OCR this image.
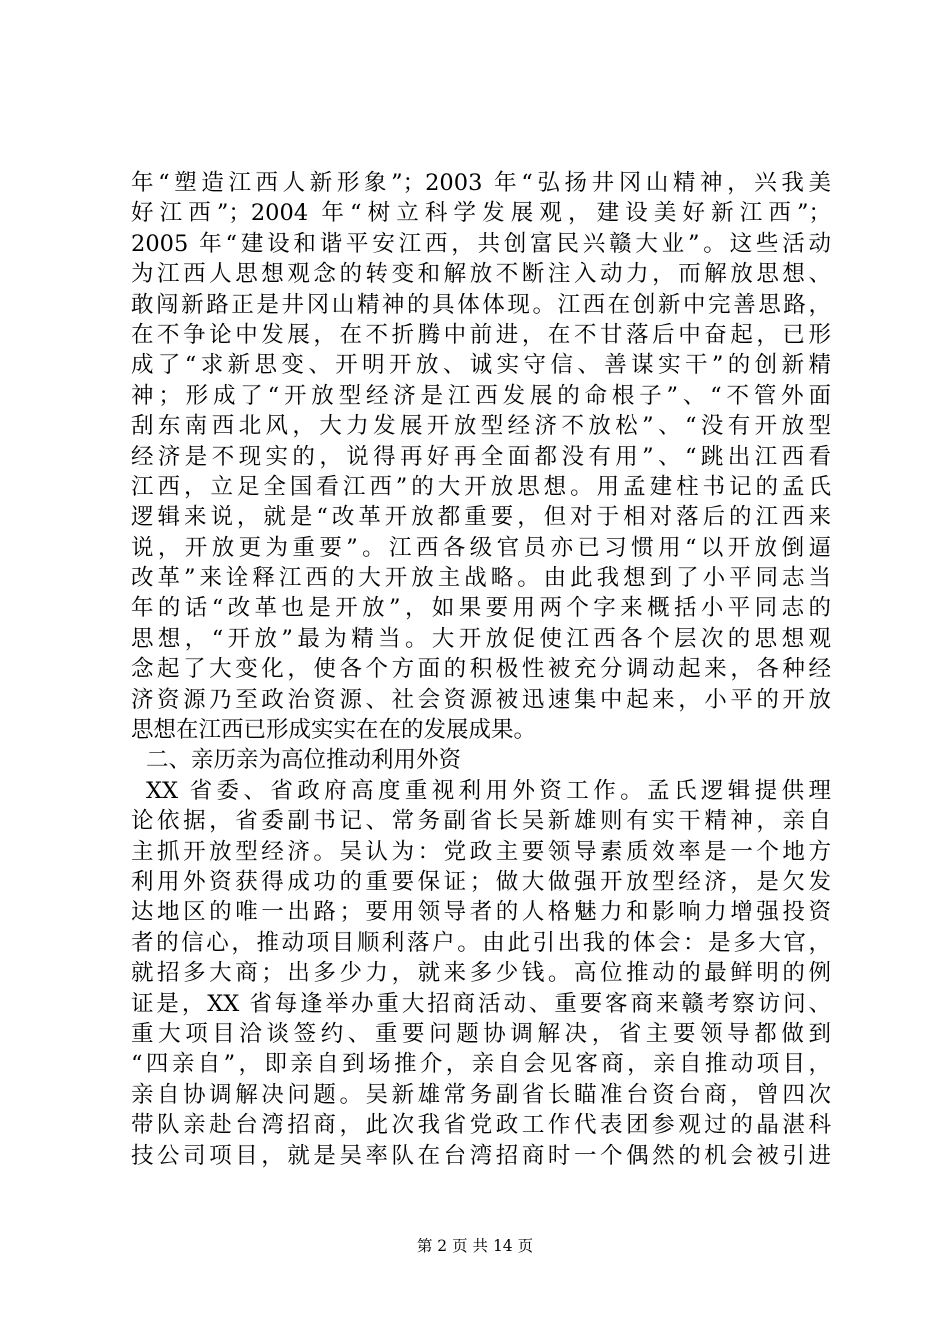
年“塑造江西人新形象”；2003 年“弘扬井冈山精神，兴我美
好江西”；2004 年“树立科学发展观，建设美好新江西”；
2005 年“建设和谐平安江西，共创富民兴赣大业”。这些活动
为江西人思想观念的转变和解放不断注入动力，而解放思想、
敢闯新路正是井冈山精神的具体体现。江西在创新中完善思路，
在不争论中发展，在不折腾中前进，在不甘落后中奋起，已形
成了“求新思变、开明开放、诚实守信、善谋实干”的创新精
神；形成了“开放型经济是江西发展的命根子”、“不管外面
刮东南西北风，大力发展开放型经济不放松”、“没有开放型
经济是不现实的，说得再好再全面都没有用”、“跳出江西看
江西，立足全国看江西”的大开放思想。用孟建柱书记的孟氏
逻辑来说，就是“改革开放都重要，但对于相对落后的江西来
说，开放更为重要”。江西各级官员亦已习惯用“以开放倒逼
改革”来诠释江西的大开放主战略。由此我想到了小平同志当
年的话“改革也是开放”，如果要用两个字来概括小平同志的
思想，“开放”最为精当。大开放促使江西各个层次的思想观
念起了大变化，使各个方面的积极性被充分调动起来，各种经
济资源乃至政治资源、社会资源被迅速集中起来，小平的开放
思想在江西已形成实实在在的发展成果。
二、亲历亲为高位推动利用外资
XX 省委、省政府高度重视利用外资工作。孟氏逻辑提供理
论依据，省委副书记、常务副省长吴新雄则有实干精神，亲自
主抓开放型经济。吴认为：党政主要领导素质效率是一个地方
利用外资获得成功的重要保证；做大做强开放型经济，是欠发
达地区的唯一出路；要用领导者的人格魅力和影响力增强投资
者的信心，推动项目顺利落户。由此引出我的体会：是多大官，
就招多大商；出多少力，就来多少钱。高位推动的最鲜明的例
证是，XX 省每逢举办重大招商活动、重要客商来赣考察访问、
重大项目洽谈签约、重要问题协调解决，省主要领导都做到
“四亲自”，即亲自到场推介，亲自会见客商，亲自推动项目，
亲自协调解决问题。吴新雄常务副省长瞄准台资台商，曾四次
带队亲赴台湾招商，此次我省党政工作代表团参观过的晶湛科
技公司项目，就是吴率队在台湾招商时一个偶然的机会被引进
第 2 页 共 14 页
